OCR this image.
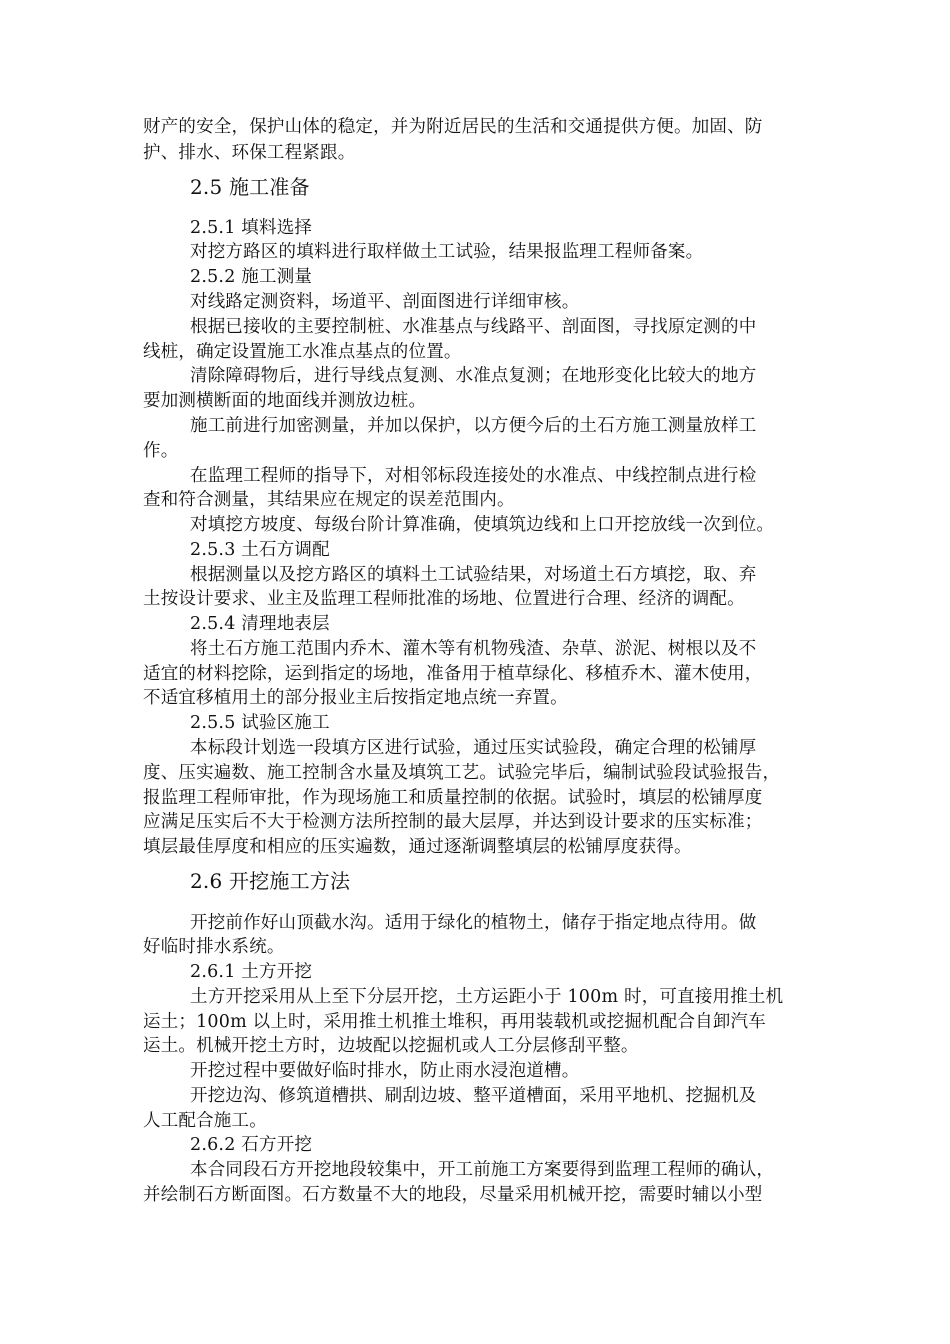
财产的安全，保护山体的稳定，并为附近居民的生活和交通提供方便。加固、防
护、排水、环保工程紧跟。
2.5 施工准备
2.5.1 填料选择
对挖方路区的填料进行取样做土工试验，结果报监理工程师备案。
2.5.2 施工测量
对线路定测资料，场道平、剖面图进行详细审核。
根据已接收的主要控制桩、水准基点与线路平、剖面图，寻找原定测的中
线桩，确定设置施工水准点基点的位置。
清除障碍物后，进行导线点复测、水准点复测；在地形变化比较大的地方
要加测横断面的地面线并测放边桩。
施工前进行加密测量，并加以保护，以方便今后的土石方施工测量放样工
作。
在监理工程师的指导下，对相邻标段连接处的水准点、中线控制点进行检
查和符合测量，其结果应在规定的误差范围内。
对填挖方坡度、每级台阶计算准确，使填筑边线和上口开挖放线一次到位。
2.5.3 土石方调配
根据测量以及挖方路区的填料土工试验结果，对场道土石方填挖，取、弃
土按设计要求、业主及监理工程师批准的场地、位置进行合理、经济的调配。
2.5.4 清理地表层
将土石方施工范围内乔木、灌木等有机物残渣、杂草、淤泥、树根以及不
适宜的材料挖除，运到指定的场地，准备用于植草绿化、移植乔木、灌木使用，
不适宜移植用土的部分报业主后按指定地点统一弃置。
2.5.5 试验区施工
本标段计划选一段填方区进行试验，通过压实试验段，确定合理的松铺厚
度、压实遍数、施工控制含水量及填筑工艺。试验完毕后，编制试验段试验报告，
报监理工程师审批，作为现场施工和质量控制的依据。试验时，填层的松铺厚度
应满足压实后不大于检测方法所控制的最大层厚，并达到设计要求的压实标准；
填层最佳厚度和相应的压实遍数，通过逐渐调整填层的松铺厚度获得。
2.6 开挖施工方法
开挖前作好山顶截水沟。适用于绿化的植物土，储存于指定地点待用。做
好临时排水系统。
2.6.1 土方开挖
土方开挖采用从上至下分层开挖，土方运距小于 100m 时，可直接用推土机
运土；100m 以上时，采用推土机推土堆积，再用装载机或挖掘机配合自卸汽车
运土。机械开挖土方时，边坡配以挖掘机或人工分层修刮平整。
开挖过程中要做好临时排水，防止雨水浸泡道槽。
开挖边沟、修筑道槽拱、刷刮边坡、整平道槽面，采用平地机、挖掘机及
人工配合施工。
2.6.2 石方开挖
本合同段石方开挖地段较集中，开工前施工方案要得到监理工程师的确认，
并绘制石方断面图。石方数量不大的地段，尽量采用机械开挖，需要时辅以小型
